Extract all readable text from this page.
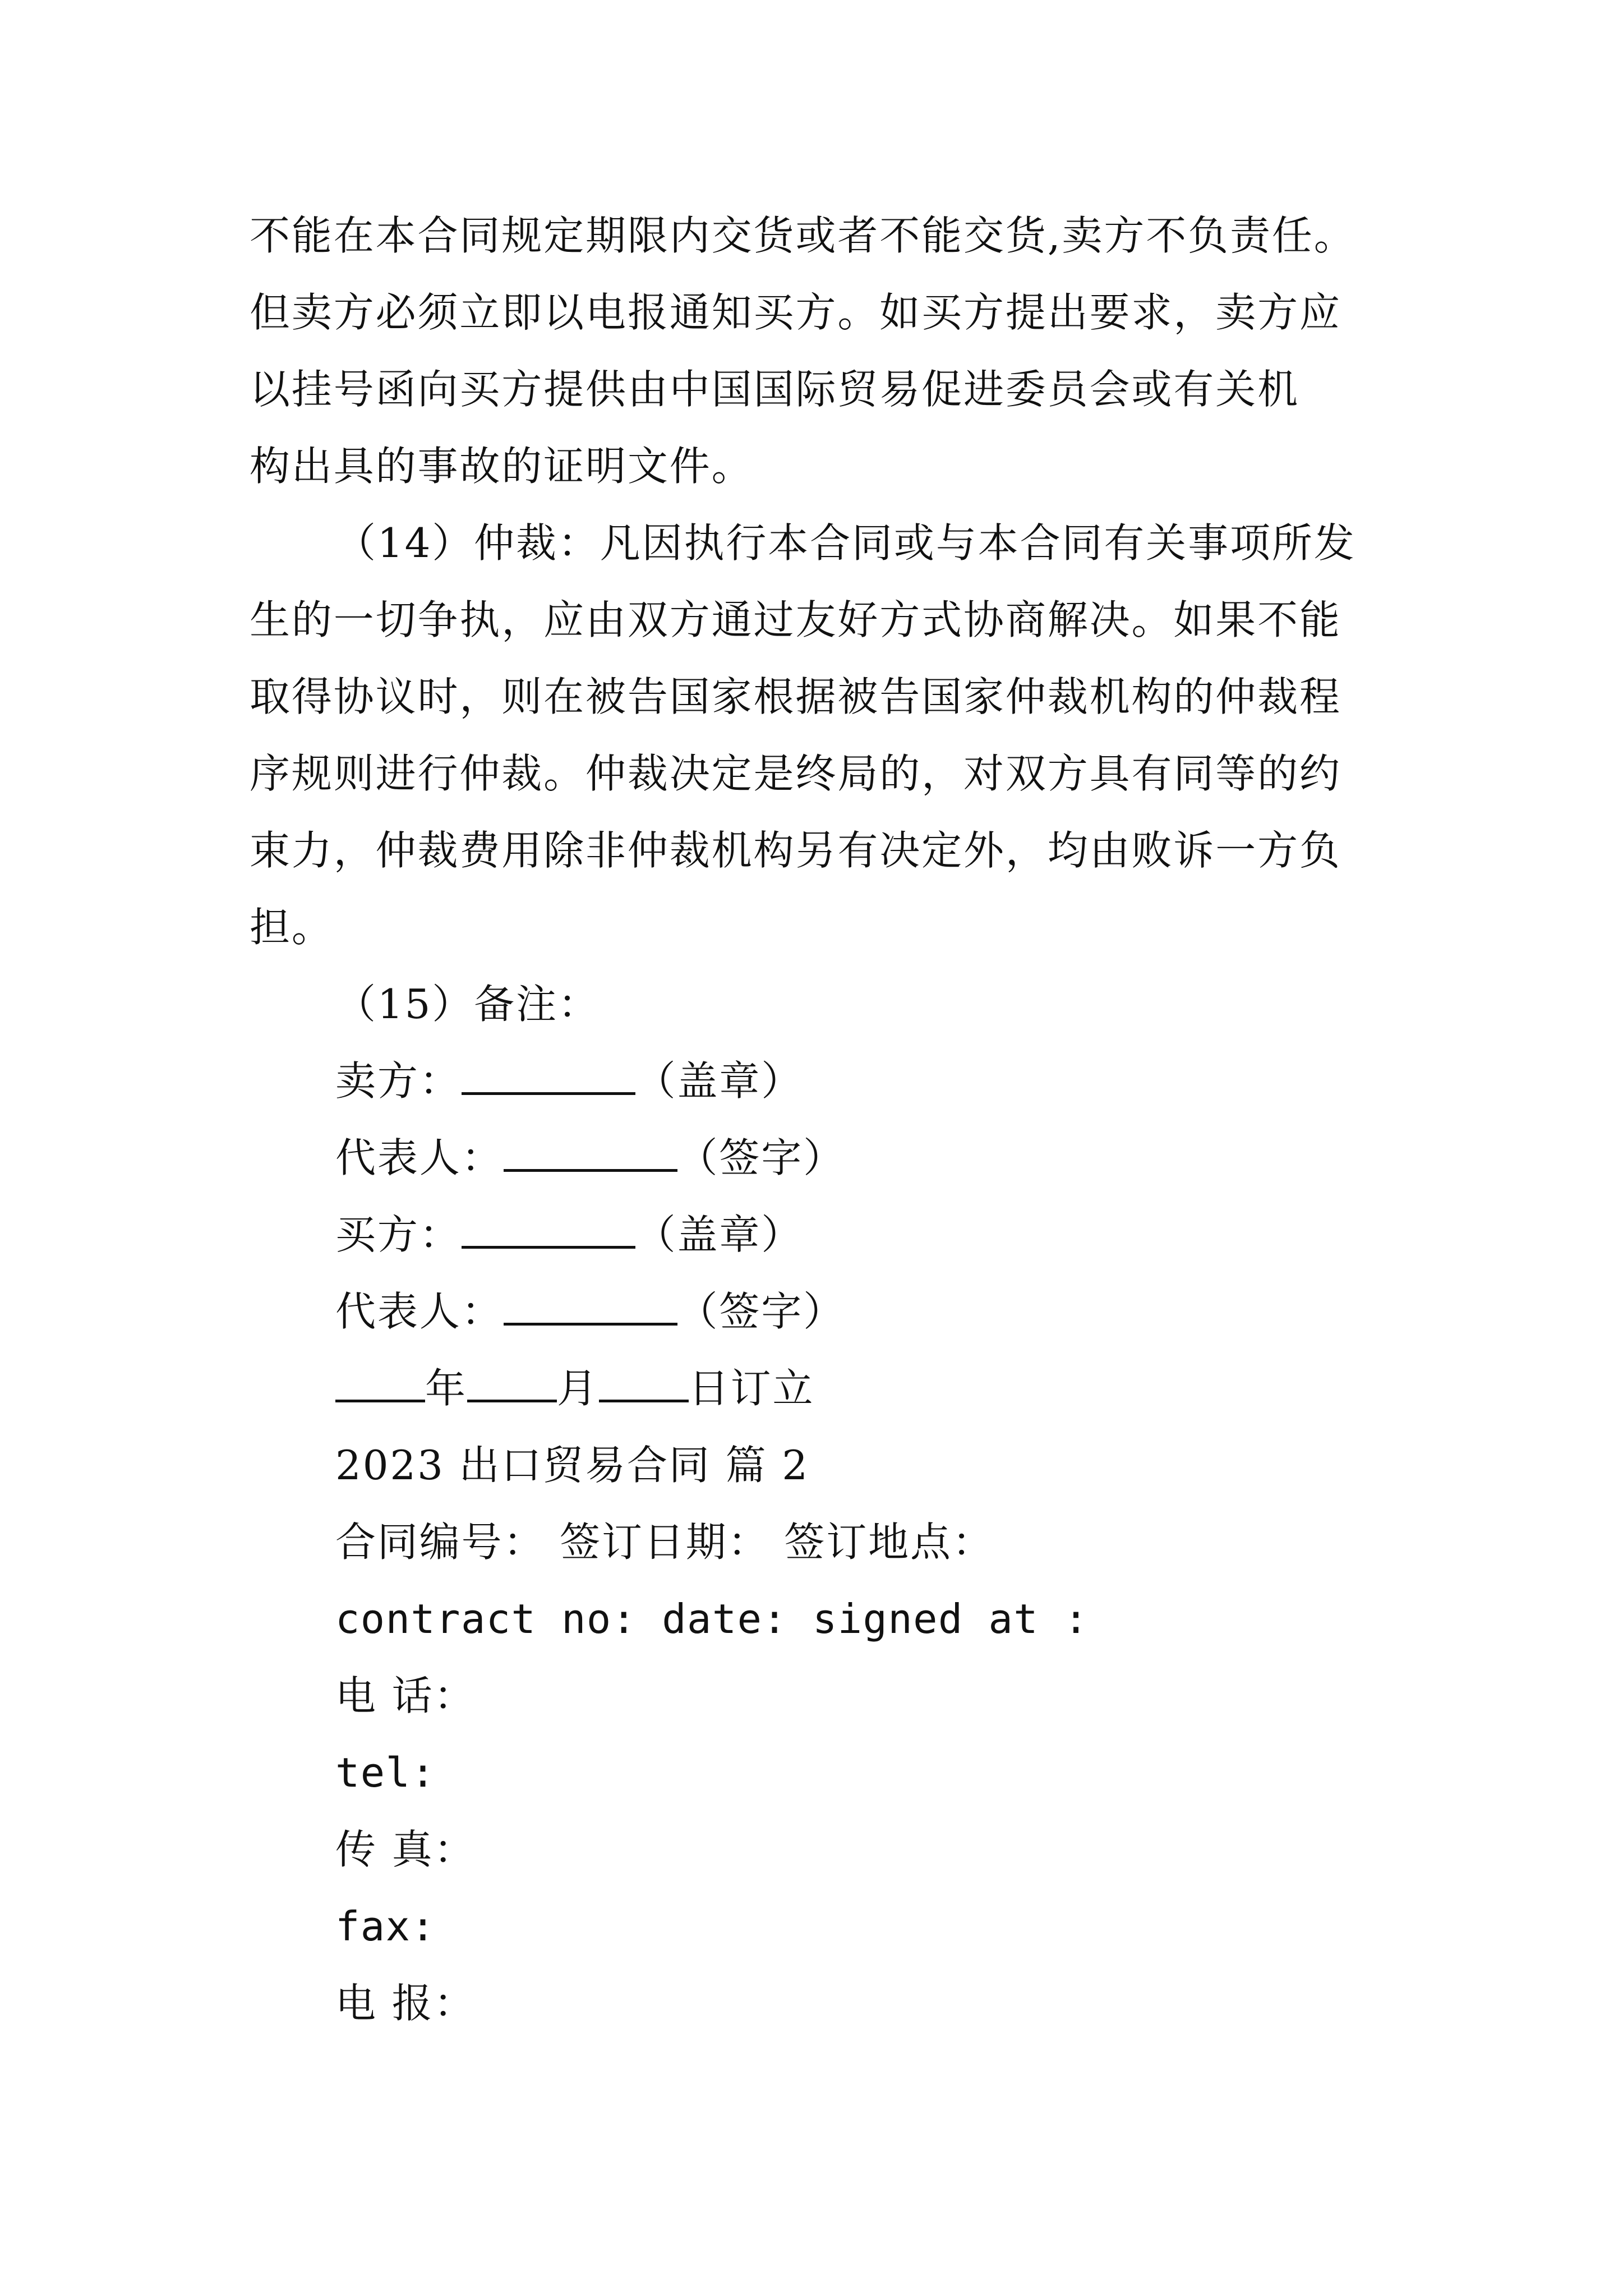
不能在本合同规定期限内交货或者不能交货,卖方不负责任。
但卖方必须立即以电报通知买方。如买方提出要求，卖方应
以挂号函向买方提供由中国国际贸易促进委员会或有关机
构出具的事故的证明文件。
（14）仲裁：凡因执行本合同或与本合同有关事项所发
生的一切争执，应由双方通过友好方式协商解决。如果不能
取得协议时，则在被告国家根据被告国家仲裁机构的仲裁程
序规则进行仲裁。仲裁决定是终局的，对双方具有同等的约
束力，仲裁费用除非仲裁机构另有决定外，均由败诉一方负
担。
（15）备注：
卖方：	（盖章）
代表人：	（签字）
买方：	（盖章）
代表人：	（签字）
年 月 日订立
2023 出口贸易合同 篇 2
合同编号： 签订日期： 签订地点：
contract no: date: signed at :
电 话：
tel:
传 真：
fax:
电 报：
